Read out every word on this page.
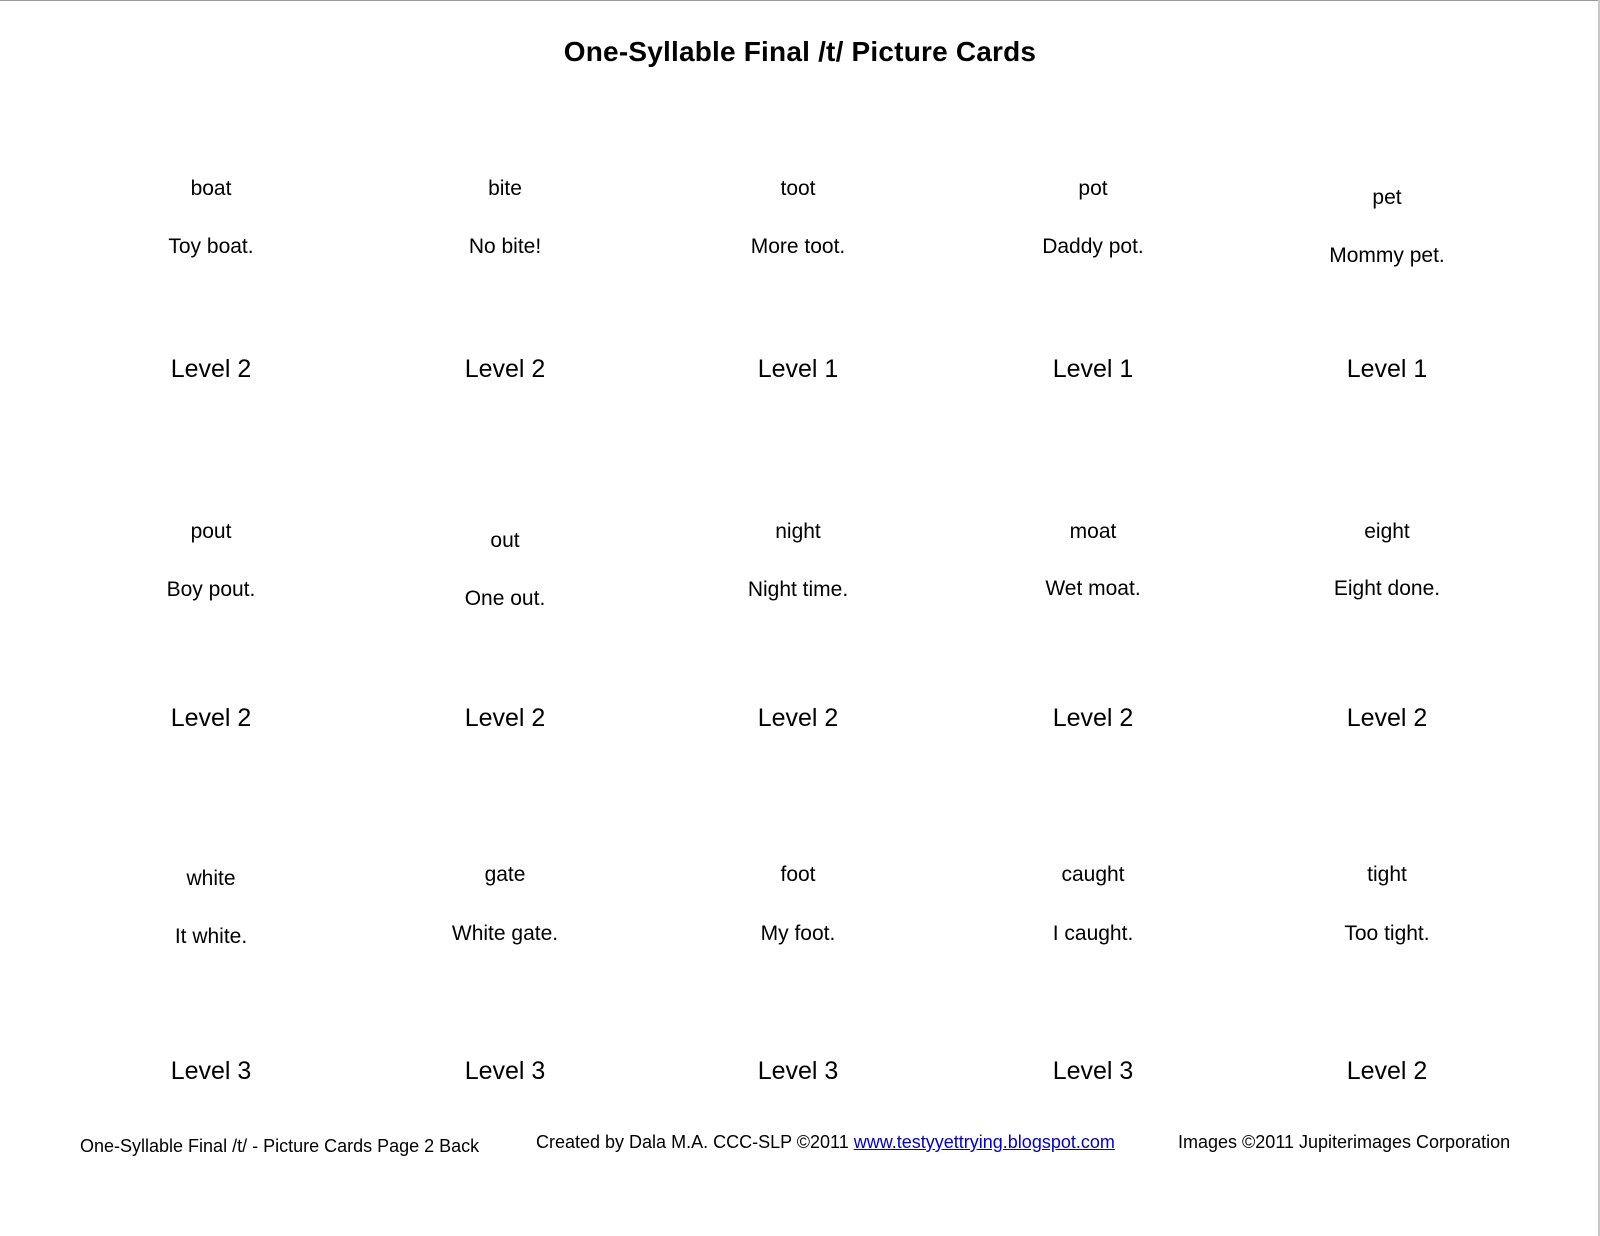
One-Syllable Final /t/ Picture Cards
boat
Toy boat.
Level 2
bite
No bite!
Level 2
toot
More toot.
Level 1
pot
Daddy pot.
Level 1
pet
Mommy pet.
Level 1
pout
Boy pout.
Level 2
out
One out.
Level 2
night
Night time.
Level 2
moat
Wet moat.
Level 2
eight
Eight done.
Level 2
white
It white.
Level 3
gate
White gate.
Level 3
foot
My foot.
Level 3
caught
I caught.
Level 3
tight
Too tight.
Level 2
One-Syllable Final /t/ - Picture Cards Page 2 Back	Created by Dala M.A. CCC-SLP ©2011 www.testyyettrying.blogspot.com	Images ©2011 Jupiterimages Corporation
